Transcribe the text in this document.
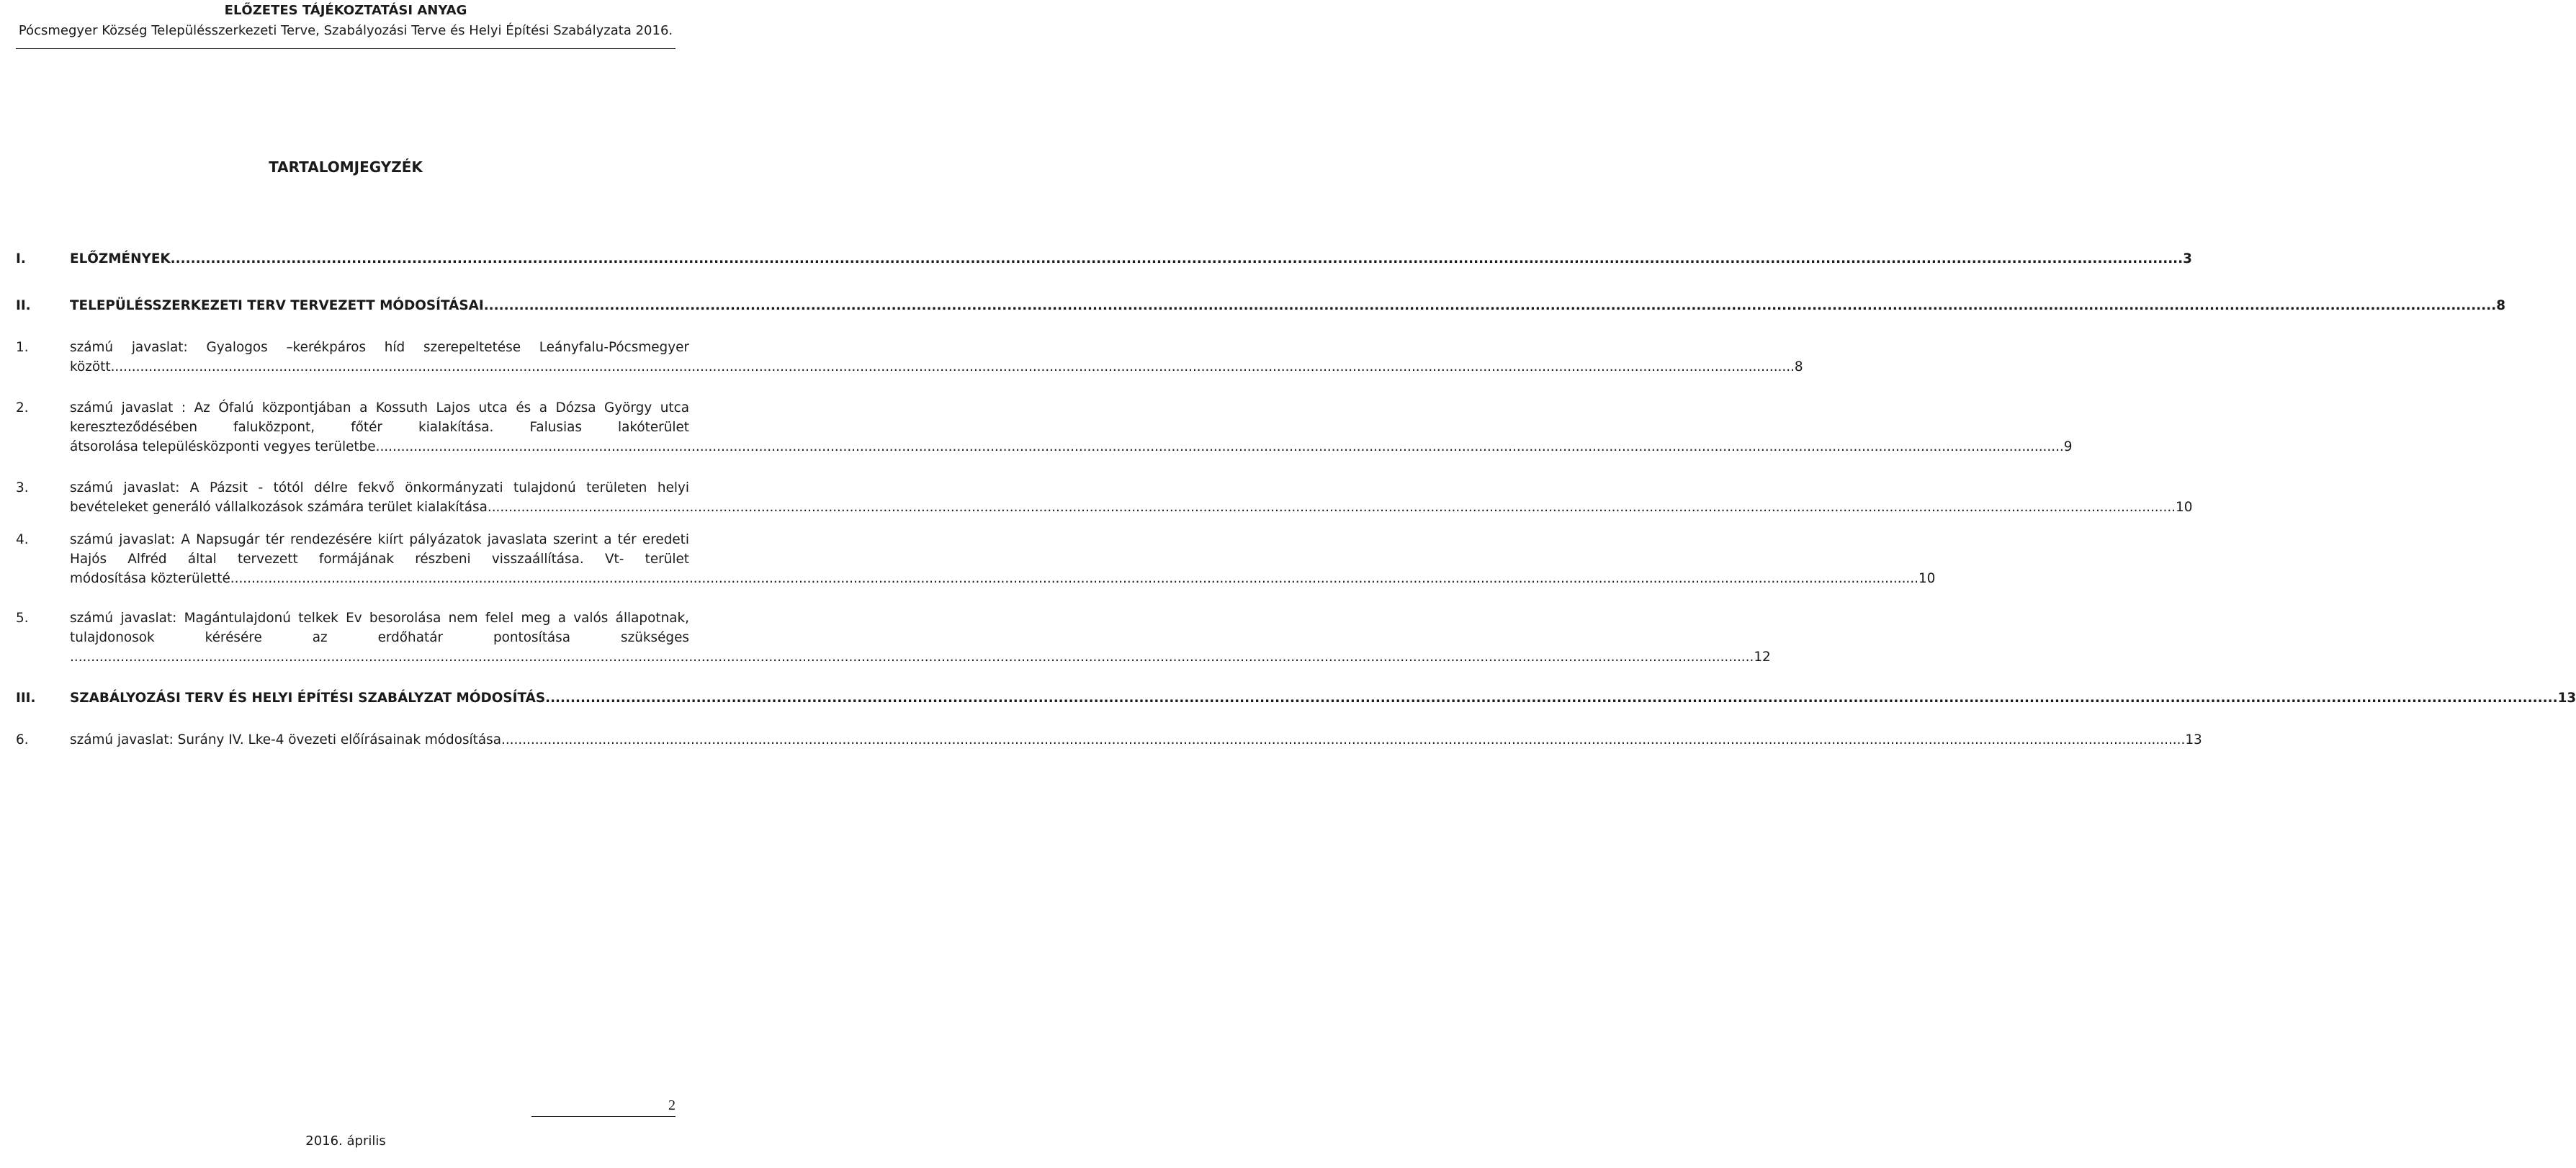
ELŐZETES TÁJÉKOZTATÁSI ANYAG
Pócsmegyer Község Településszerkezeti Terve, Szabályozási Terve és Helyi Építési Szabályzata 2016.
TARTALOMJEGYZÉK
I.	ELŐZMÉNYEK ................................................................................................................................................................................................................................................................................................................................................................................................................ 3
II.	TELEPÜLÉSSZERKEZETI TERV TERVEZETT MÓDOSÍTÁSAI ................................................................................................................................................................................................................................................................................................................................................................................................................ 8
1.	számú javaslat: Gyalogos –kerékpáros híd szerepeltetése Leányfalu-Pócsmegyer
között ................................................................................................................................................................................................................................................................................................................................................................................................................ 8
2.	számú javaslat : Az Ófalú központjában a Kossuth Lajos utca és a Dózsa György utca kereszteződésében faluközpont, főtér kialakítása. Falusias lakóterület
átsorolása településközponti vegyes területbe. ................................................................................................................................................................................................................................................................................................................................................................................................................ 9
3.	számú javaslat: A Pázsit - tótól délre fekvő önkormányzati tulajdonú területen helyi
bevételeket generáló vállalkozások számára terület kialakítása. ................................................................................................................................................................................................................................................................................................................................................................................................................ 10
4.	számú javaslat: A Napsugár tér rendezésére kiírt pályázatok javaslata szerint a tér eredeti Hajós Alfréd által tervezett formájának részbeni visszaállítása. Vt- terület
módosítása közterületté. ................................................................................................................................................................................................................................................................................................................................................................................................................ 10
5.	számú javaslat: Magántulajdonú telkek Ev besorolása nem felel meg a valós állapotnak, tulajdonosok kérésére az erdőhatár pontosítása szükséges
................................................................................................................................................................................................................................................................................................................................................................................................................ 12
III.	SZABÁLYOZÁSI TERV ÉS HELYI ÉPÍTÉSI SZABÁLYZAT MÓDOSÍTÁS ................................................................................................................................................................................................................................................................................................................................................................................................................ 13
6.	számú javaslat: Surány IV. Lke-4 övezeti előírásainak módosítása ................................................................................................................................................................................................................................................................................................................................................................................................................ 13
2
2016. április
